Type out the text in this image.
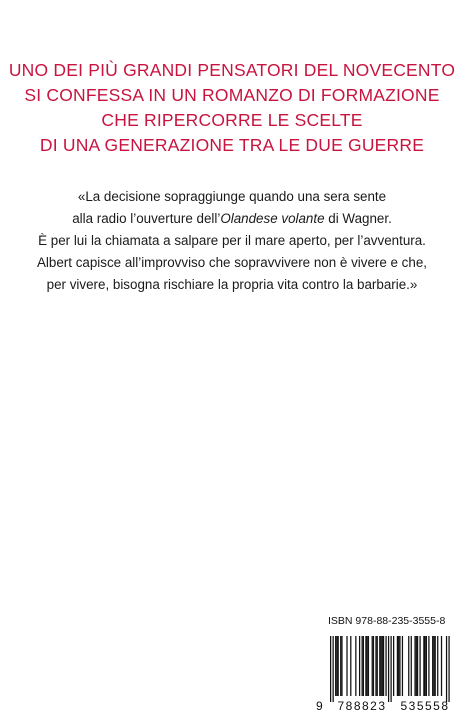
UNO DEI PIÙ GRANDI PENSATORI DEL NOVECENTO
SI CONFESSA IN UN ROMANZO DI FORMAZIONE
CHE RIPERCORRE LE SCELTE
DI UNA GENERAZIONE TRA LE DUE GUERRE
«La decisione sopraggiunge quando una sera sente
alla radio l’ouverture dell’Olandese volante di Wagner.
È per lui la chiamata a salpare per il mare aperto, per l’avventura.
Albert capisce all’improvviso che sopravvivere non è vivere e che,
per vivere, bisogna rischiare la propria vita contro la barbarie.»
ISBN 978-88-235-3555-8
9	788823	535558
